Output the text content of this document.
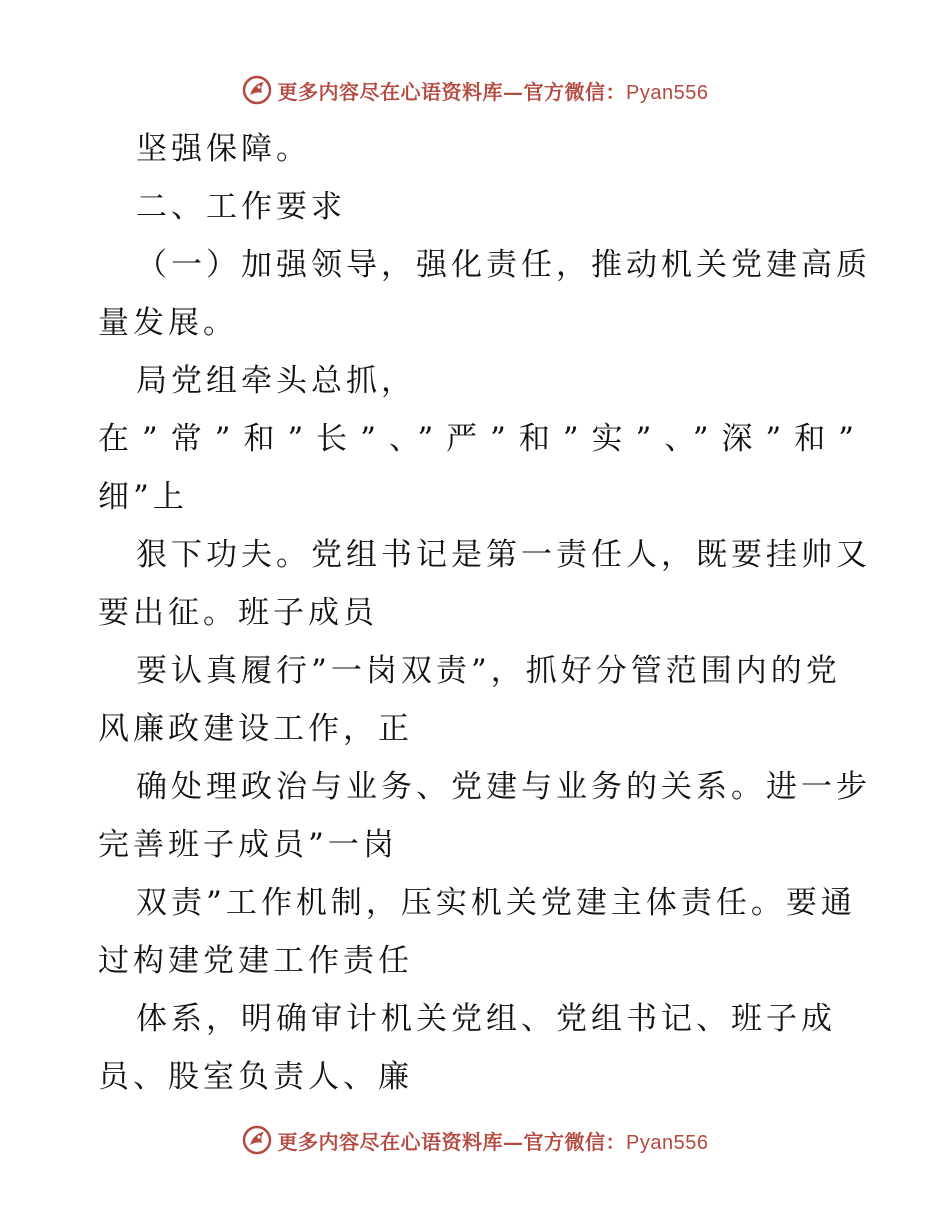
更多内容尽在心语资料库—官方微信：Pyan556
坚强保障。
二、工作要求
（一）加强领导，强化责任，推动机关党建高质
量发展。
局党组牵头总抓，
在”常”和”长”、”严”和”实”、”深”和”
细”上
狠下功夫。党组书记是第一责任人，既要挂帅又
要出征。班子成员
要认真履行”一岗双责”，抓好分管范围内的党
风廉政建设工作，正
确处理政治与业务、党建与业务的关系。进一步
完善班子成员”一岗
双责”工作机制，压实机关党建主体责任。要通
过构建党建工作责任
体系，明确审计机关党组、党组书记、班子成
员、股室负责人、廉
更多内容尽在心语资料库—官方微信：Pyan556
